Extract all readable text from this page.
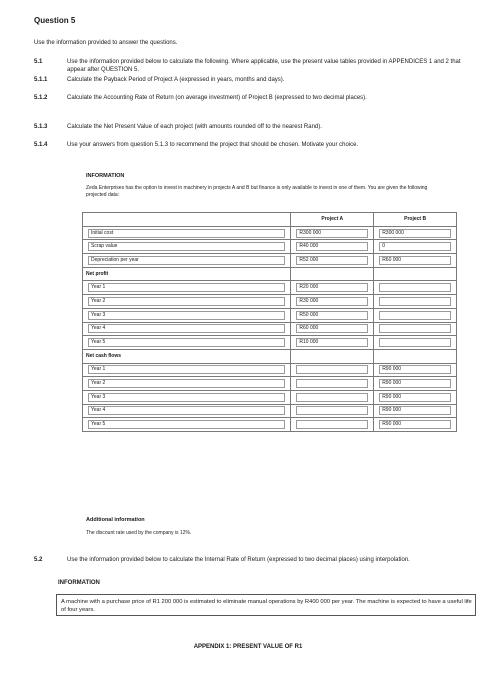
Question 5
Use the information provided to answer the questions.
5.1	Use the information provided below to calculate the following. Where applicable, use the present value tables provided in APPENDICES 1 and 2 that appear after QUESTION 5.
5.1.1	Calculate the Payback Period of Project A (expressed in years, months and days).
5.1.2	Calculate the Accounting Rate of Return (on average investment) of Project B (expressed to two decimal places).
5.1.3	Calculate the Net Present Value of each project (with amounts rounded off to the nearest Rand).
5.1.4	Use your answers from question 5.1.3 to recommend the project that should be chosen. Motivate your choice.
INFORMATION
Zeda Enterprises has the option to invest in machinery in projects A and B but finance is only available to invest in one of them. You are given the following projected data:
	Project A	Project B

Initial cost	R300 000	R300 000

Scrap value	R40 000	0

Depreciation per year	R52 000	R60 000

Net profit		

Year 1	R20 000	

Year 2	R30 000	

Year 3	R50 000	

Year 4	R60 000	

Year 5	R10 000	

Net cash flows		

Year 1		R90 000

Year 2		R90 000

Year 3		R90 000

Year 4		R90 000

Year 5		R90 000
Additional information
The discount rate used by the company is 12%.
5.2	Use the information provided below to calculate the Internal Rate of Return (expressed to two decimal places) using interpolation.
INFORMATION
A machine with a purchase price of R1 200 000 is estimated to eliminate manual operations by R400 000 per year. The machine is expected to have a useful life of four years.
APPENDIX 1: PRESENT VALUE OF R1
